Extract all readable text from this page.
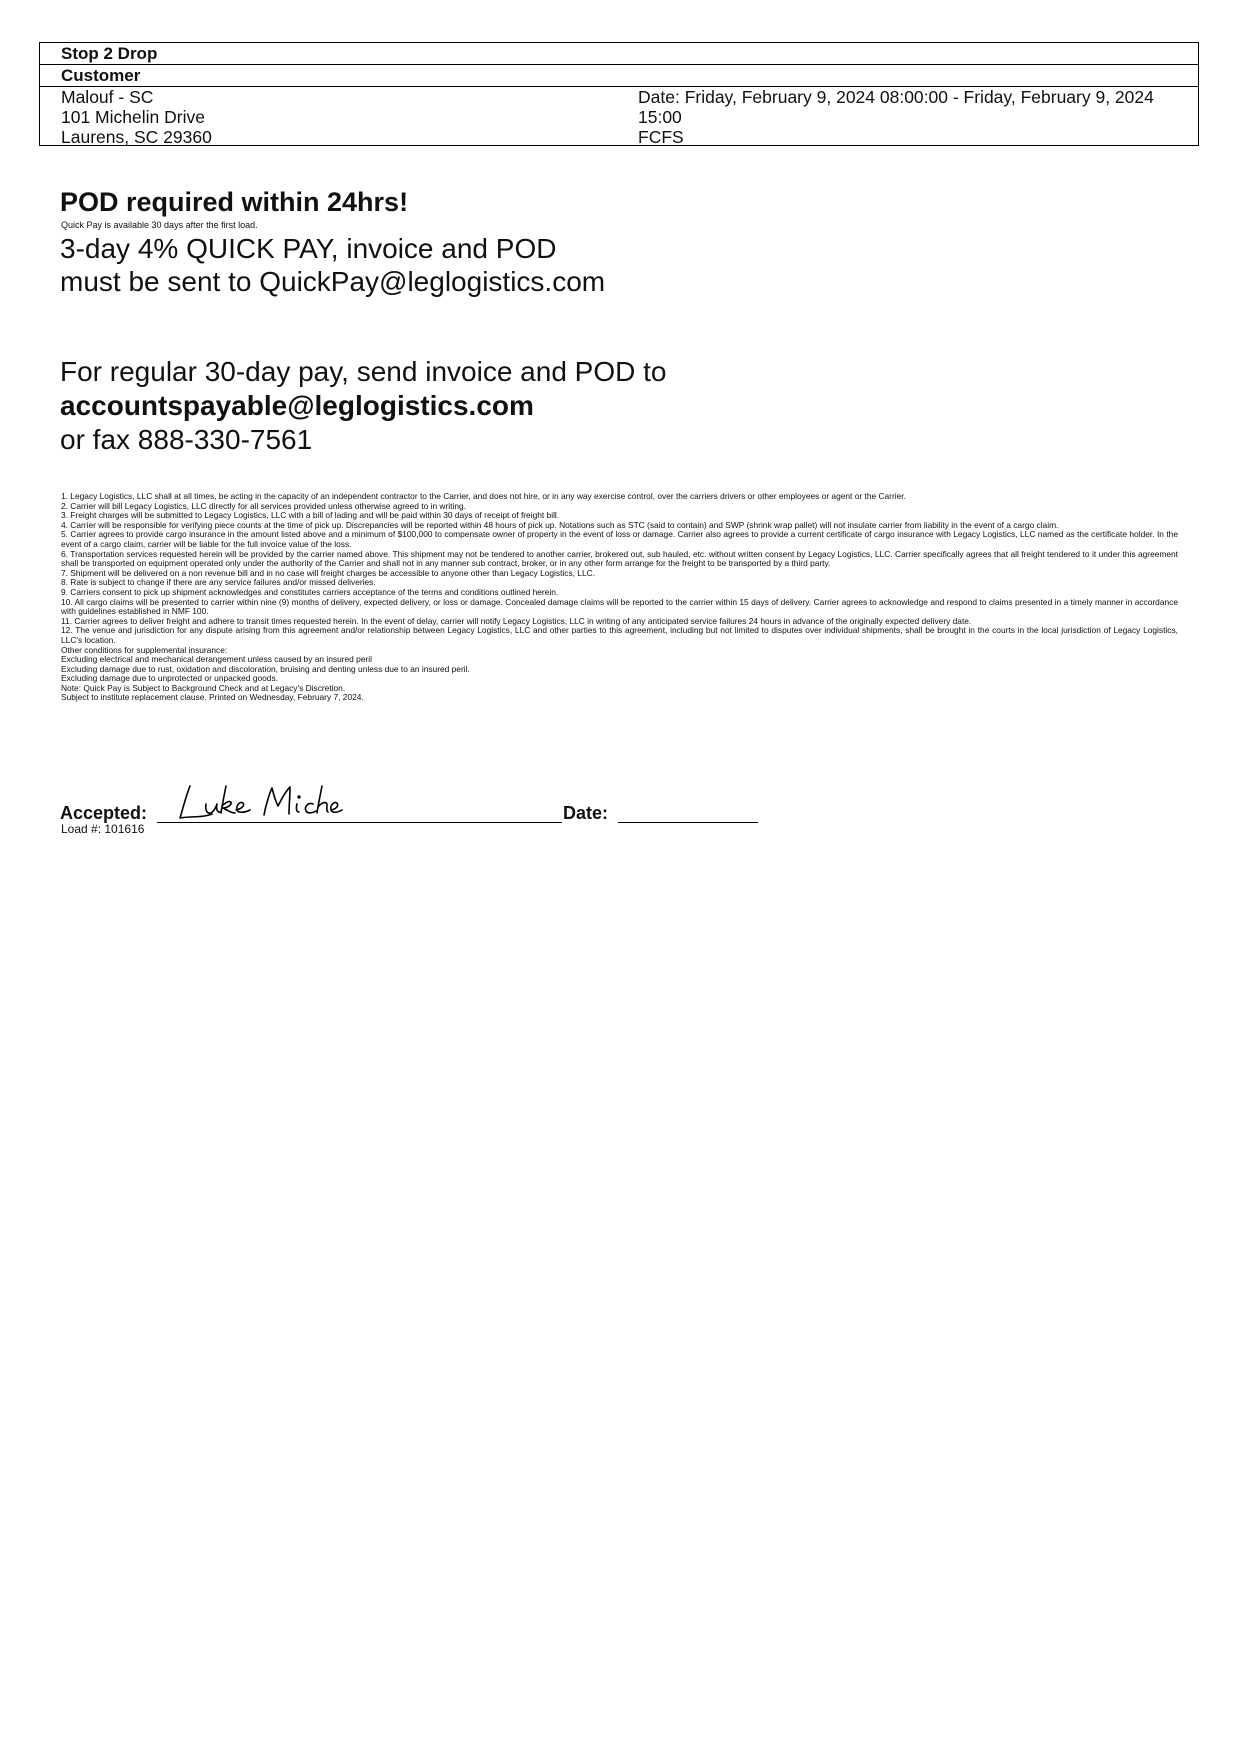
Stop 2 Drop
Customer
Malouf - SC
101 Michelin Drive
Laurens, SC 29360
Date: Friday, February 9, 2024 08:00:00 - Friday, February 9, 2024 15:00
FCFS
POD required within 24hrs!
Quick Pay is available 30 days after the first load.
3-day 4% QUICK PAY, invoice and POD must be sent to QuickPay@leglogistics.com
For regular 30-day pay, send invoice and POD to accountspayable@leglogistics.com
or fax 888-330-7561
1. Legacy Logistics, LLC shall at all times, be acting in the capacity of an independent contractor to the Carrier, and does not hire, or in any way exercise control, over the carriers drivers or other employees or agent or the Carrier.
2. Carrier will bill Legacy Logistics, LLC directly for all services provided unless otherwise agreed to in writing.
3. Freight charges will be submitted to Legacy Logistics, LLC with a bill of lading and will be paid within 30 days of receipt of freight bill.
4. Carrier will be responsible for verifying piece counts at the time of pick up. Discrepancies will be reported within 48 hours of pick up. Notations such as STC (said to contain) and SWP (shrink wrap pallet) will not insulate carrier from liability in the event of a cargo claim.
5. Carrier agrees to provide cargo insurance in the amount listed above and a minimum of $100,000 to compensate owner of property in the event of loss or damage. Carrier also agrees to provide a current certificate of cargo insurance with Legacy Logistics, LLC named as the certificate holder. In the event of a cargo claim, carrier will be liable for the full invoice value of the loss.
6. Transportation services requested herein will be provided by the carrier named above. This shipment may not be tendered to another carrier, brokered out, sub hauled, etc. without written consent by Legacy Logistics, LLC. Carrier specifically agrees that all freight tendered to it under this agreement shall be transported on equipment operated only under the authority of the Carrier and shall not in any manner sub contract, broker, or in any other form arrange for the freight to be transported by a third party.
7. Shipment will be delivered on a non revenue bill and in no case will freight charges be accessible to anyone other than Legacy Logistics, LLC.
8. Rate is subject to change if there are any service failures and/or missed deliveries.
9. Carriers consent to pick up shipment acknowledges and constitutes carriers acceptance of the terms and conditions outlined herein.
10. All cargo claims will be presented to carrier within nine (9) months of delivery, expected delivery, or loss or damage. Concealed damage claims will be reported to the carrier within 15 days of delivery. Carrier agrees to acknowledge and respond to claims presented in a timely manner in accordance with guidelines established in NMF 100.
11. Carrier agrees to deliver freight and adhere to transit times requested herein. In the event of delay, carrier will notify Legacy Logistics, LLC in writing of any anticipated service failures 24 hours in advance of the originally expected delivery date.
12. The venue and jurisdiction for any dispute arising from this agreement and/or relationship between Legacy Logistics, LLC and other parties to this agreement, including but not limited to disputes over individual shipments, shall be brought in the courts in the local jurisdiction of Legacy Logistics, LLC's location.
Other conditions for supplemental insurance:
Excluding electrical and mechanical derangement unless caused by an insured peril
Excluding damage due to rust, oxidation and discoloration, bruising and denting unless due to an insured peril.
Excluding damage due to unprotected or unpacked goods.
Note: Quick Pay is Subject to Background Check and at Legacy's Discretion.
Subject to institute replacement clause. Printed on Wednesday, February 7, 2024.
Accepted:	Date:
Load #: 101616
